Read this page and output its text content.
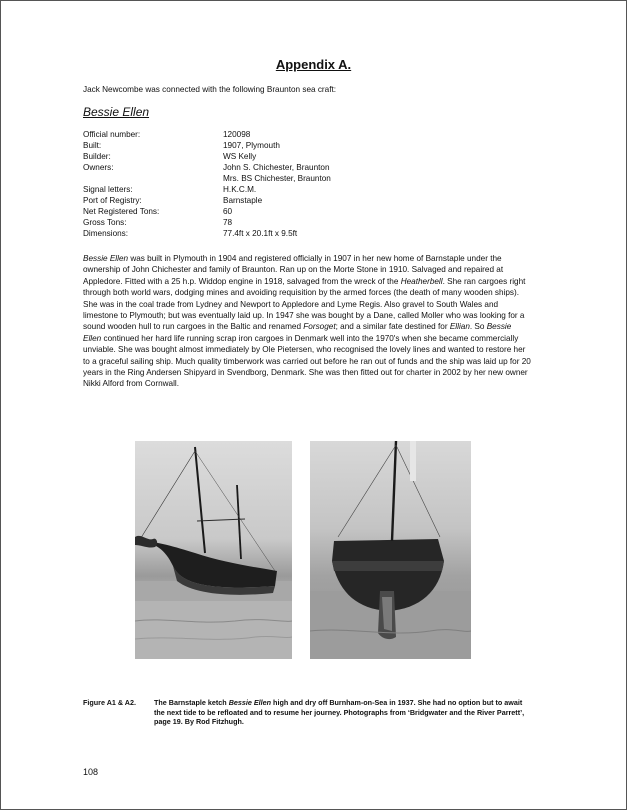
Appendix A.
Jack Newcombe was connected with the following Braunton sea craft:
Bessie Ellen
Official number:	120098
Built:	1907, Plymouth
Builder:	WS Kelly
Owners:	John S. Chichester, Braunton
Mrs. BS Chichester, Braunton
Signal letters:	H.K.C.M.
Port of Registry:	Barnstaple
Net Registered Tons:	60
Gross Tons:	78
Dimensions:	77.4ft x 20.1ft x 9.5ft

Bessie Ellen was built in Plymouth in 1904 and registered officially in 1907 in her new home of Barnstaple under the ownership of John Chichester and family of Braunton. Ran up on the Morte Stone in 1910. Salvaged and repaired at Appledore. Fitted with a 25 h.p. Widdop engine in 1918, salvaged from the wreck of the Heatherbell. She ran cargoes right through both world wars, dodging mines and avoiding requisition by the armed forces (the death of many wooden ships). She was in the coal trade from Lydney and Newport to Appledore and Lyme Regis. Also gravel to South Wales and limestone to Plymouth; but was eventually laid up. In 1947 she was bought by a Dane, called Moller who was looking for a sound wooden hull to run cargoes in the Baltic and renamed Forsoget; and a similar fate destined for Ellian. So Bessie Ellen continued her hard life running scrap iron cargoes in Denmark well into the 1970's when she became commercially unviable. She was bought almost immediately by Ole Pietersen, who recognised the lovely lines and wanted to restore her to a graceful sailing ship. Much quality timberwork was carried out before he ran out of funds and the ship was laid up for 20 years in the Ring Andersen Shipyard in Svendborg, Denmark. She was then fitted out for charter in 2002 by her new owner Nikki Alford from Cornwall.

Figure A1 & A2.	The Barnstaple ketch Bessie Ellen high and dry off Burnham-on-Sea in 1937. She had no option but to await the next tide to be refloated and to resume her journey. Photographs from ‘Bridgwater and the River Parrett’, page 19. By Rod Fitzhugh.

108
